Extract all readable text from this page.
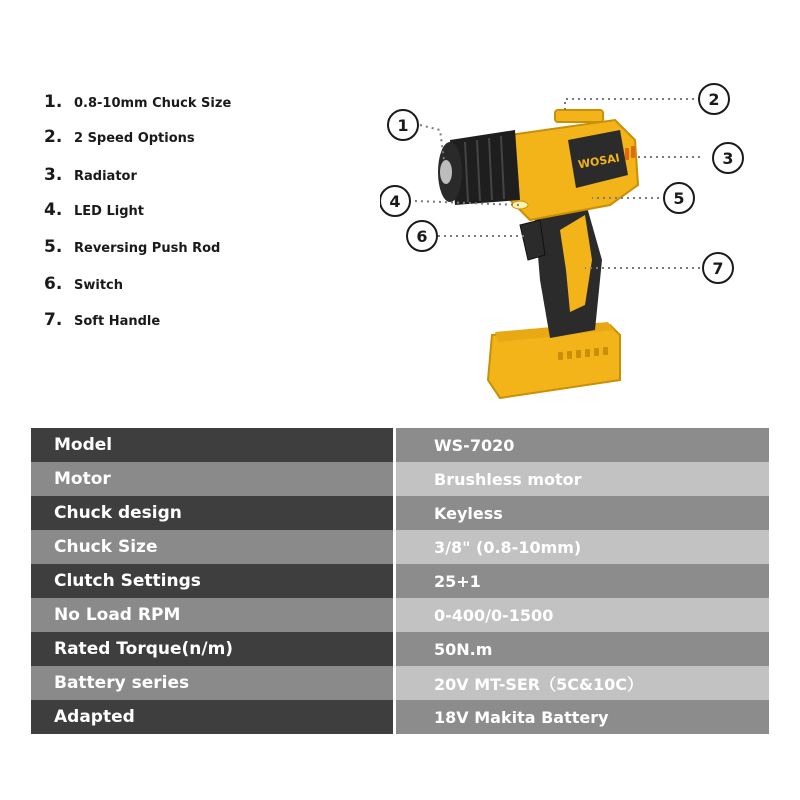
1. 0.8-10mm Chuck Size
2. 2 Speed Options
3. Radiator
4. LED Light
5. Reversing Push Rod
6. Switch
7. Soft Handle
WOSAI
1
2
3
4	5
6
7
Model	WS-7020
Motor	Brushless motor
Chuck design	Keyless
Chuck Size	3/8" (0.8-10mm)
Clutch Settings	25+1
No Load RPM	0-400/0-1500
Rated Torque(n/m)	50N.m
Battery series	20V MT-SER（5C&10C）
Adapted	18V Makita Battery
